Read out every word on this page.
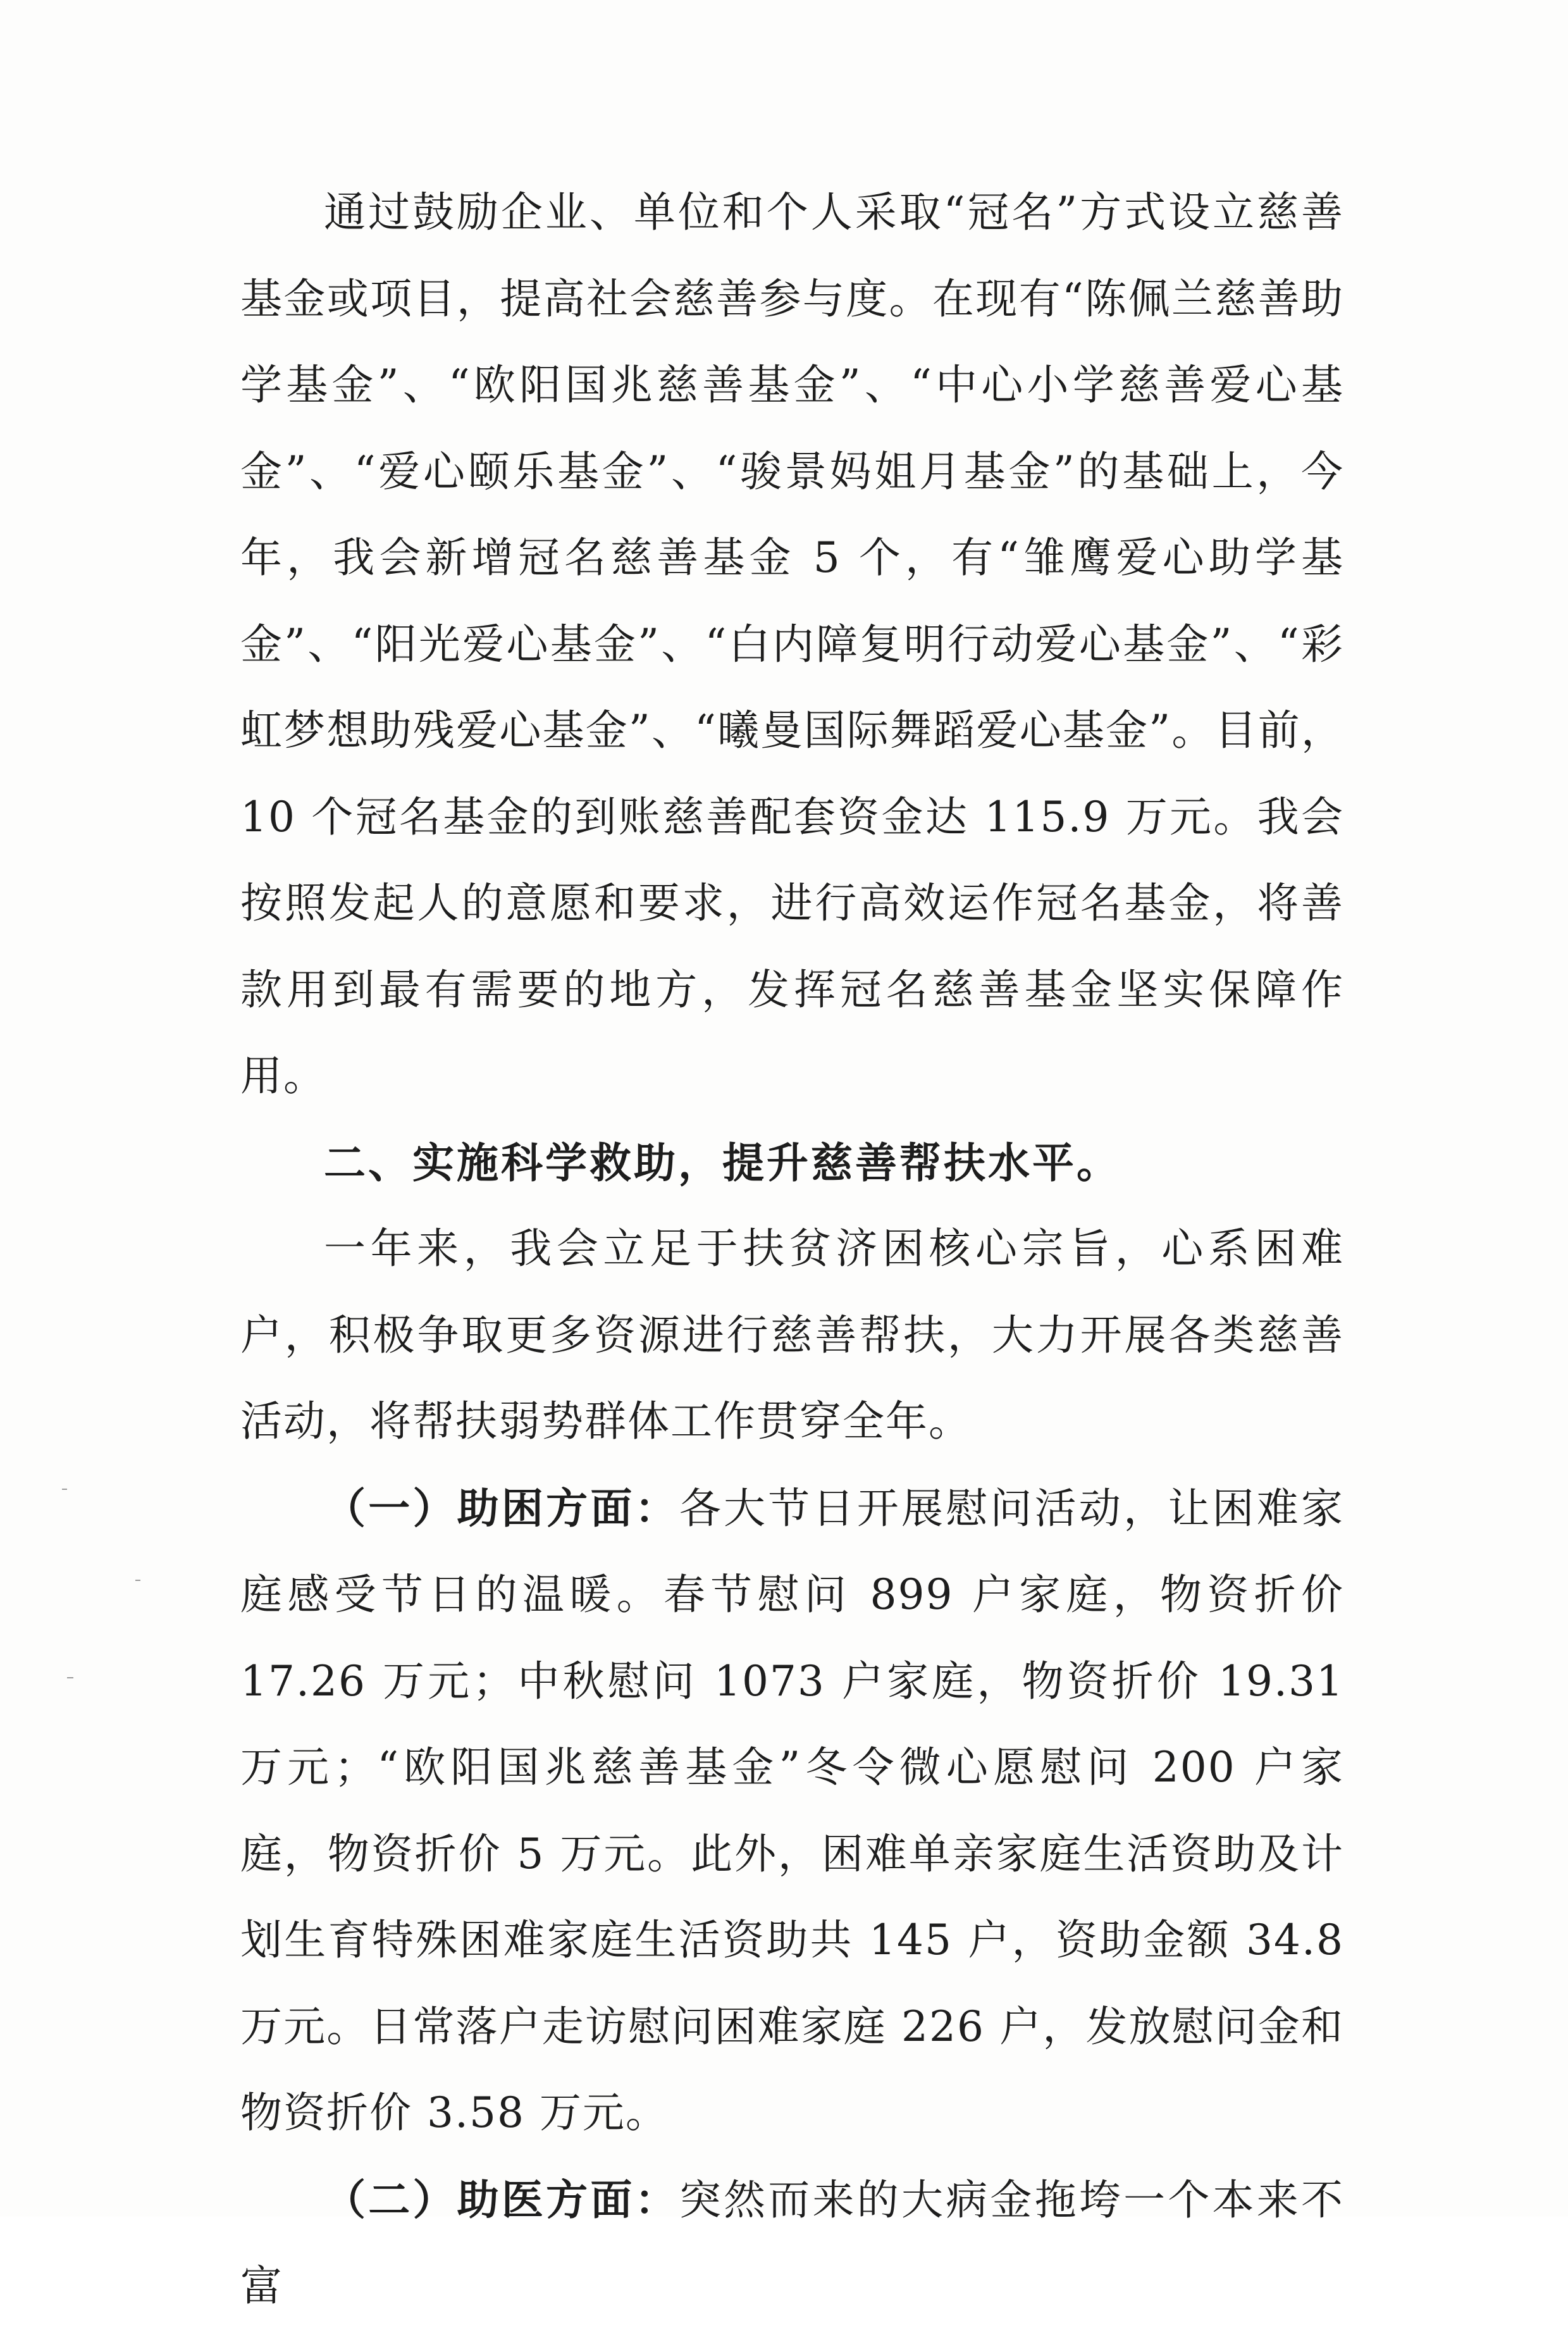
通过鼓励企业、单位和个人采取“冠名”方式设立慈善基金或项目，提高社会慈善参与度。在现有“陈佩兰慈善助学基金”、“欧阳国兆慈善基金”、“中心小学慈善爱心基金”、“爱心颐乐基金”、“骏景妈姐月基金”的基础上，今年，我会新增冠名慈善基金 5 个，有“雏鹰爱心助学基金”、“阳光爱心基金”、“白内障复明行动爱心基金”、“彩虹梦想助残爱心基金”、“曦曼国际舞蹈爱心基金”。目前，10 个冠名基金的到账慈善配套资金达 115.9 万元。我会按照发起人的意愿和要求，进行高效运作冠名基金，将善款用到最有需要的地方，发挥冠名慈善基金坚实保障作用。

二、实施科学救助，提升慈善帮扶水平。

一年来，我会立足于扶贫济困核心宗旨，心系困难户，积极争取更多资源进行慈善帮扶，大力开展各类慈善活动，将帮扶弱势群体工作贯穿全年。

（一）助困方面：各大节日开展慰问活动，让困难家庭感受节日的温暖。春节慰问 899 户家庭，物资折价 17.26 万元；中秋慰问 1073 户家庭，物资折价 19.31 万元；“欧阳国兆慈善基金”冬令微心愿慰问 200 户家庭，物资折价 5 万元。此外，困难单亲家庭生活资助及计划生育特殊困难家庭生活资助共 145 户，资助金额 34.8 万元。日常落户走访慰问困难家庭 226 户，发放慰问金和物资折价 3.58 万元。

（二）助医方面：突然而来的大病金拖垮一个本来不富
